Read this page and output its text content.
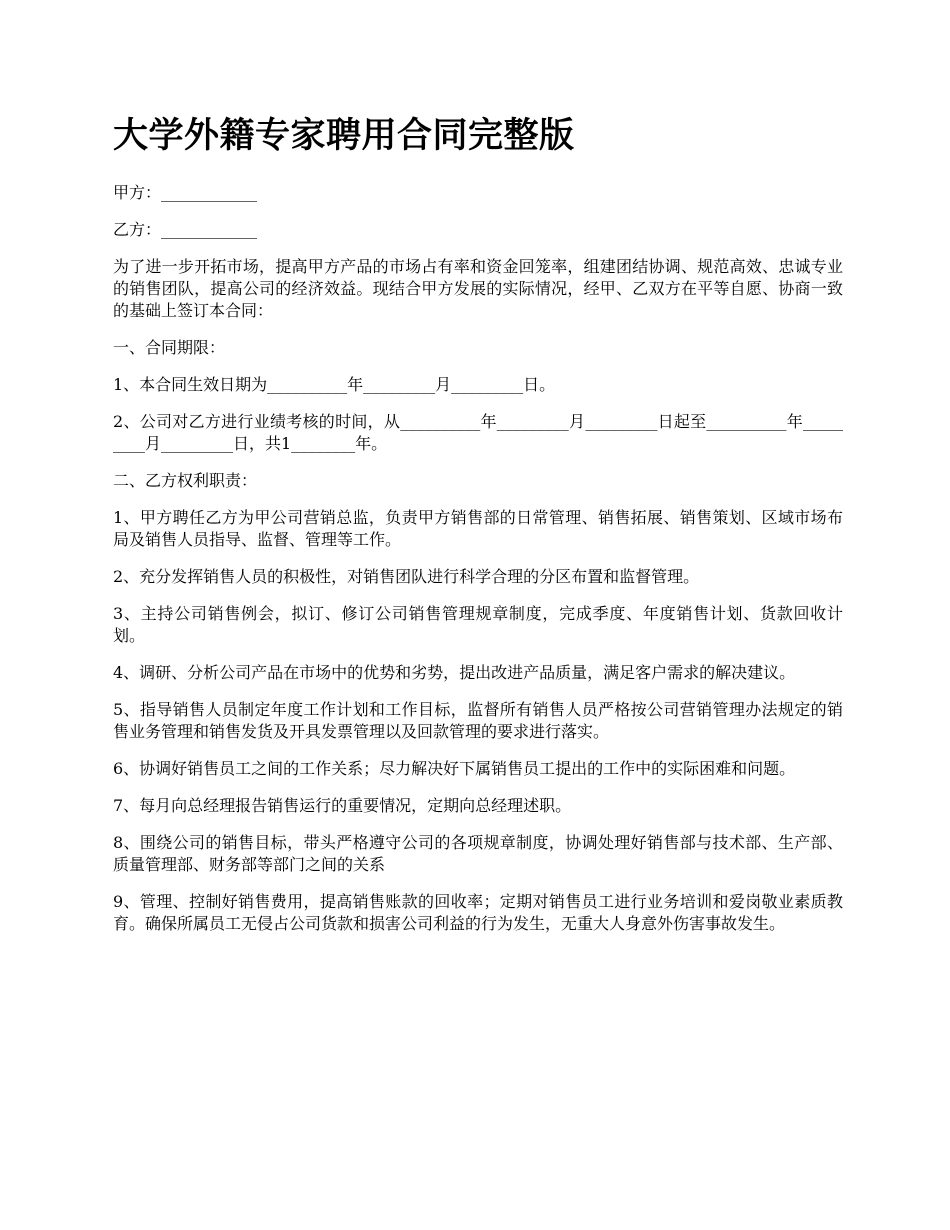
大学外籍专家聘用合同完整版

甲方：____________

乙方：____________

为了进一步开拓市场，提高甲方产品的市场占有率和资金回笼率，组建团结协调、规范高效、忠诚专业的销售团队，提高公司的经济效益。现结合甲方发展的实际情况，经甲、乙双方在平等自愿、协商一致的基础上签订本合同：

一、合同期限：

1、本合同生效日期为__________年_________月_________日。

2、公司对乙方进行业绩考核的时间，从__________年_________月_________日起至__________年_________月_________日，共1________年。

二、乙方权利职责：

1、甲方聘任乙方为甲公司营销总监，负责甲方销售部的日常管理、销售拓展、销售策划、区域市场布局及销售人员指导、监督、管理等工作。

2、充分发挥销售人员的积极性，对销售团队进行科学合理的分区布置和监督管理。

3、主持公司销售例会，拟订、修订公司销售管理规章制度，完成季度、年度销售计划、货款回收计划。

4、调研、分析公司产品在市场中的优势和劣势，提出改进产品质量，满足客户需求的解决建议。

5、指导销售人员制定年度工作计划和工作目标，监督所有销售人员严格按公司营销管理办法规定的销售业务管理和销售发货及开具发票管理以及回款管理的要求进行落实。

6、协调好销售员工之间的工作关系；尽力解决好下属销售员工提出的工作中的实际困难和问题。

7、每月向总经理报告销售运行的重要情况，定期向总经理述职。

8、围绕公司的销售目标，带头严格遵守公司的各项规章制度，协调处理好销售部与技术部、生产部、质量管理部、财务部等部门之间的关系

9、管理、控制好销售费用，提高销售账款的回收率；定期对销售员工进行业务培训和爱岗敬业素质教育。确保所属员工无侵占公司货款和损害公司利益的行为发生，无重大人身意外伤害事故发生。
